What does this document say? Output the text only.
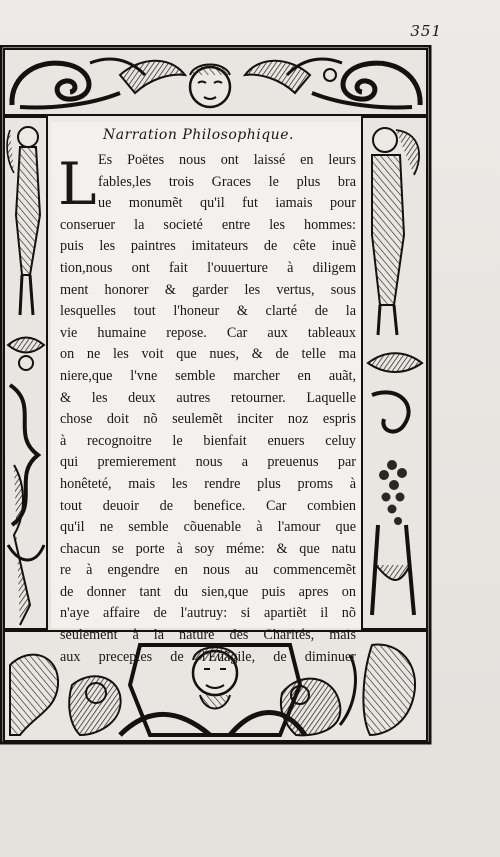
351
Narration Philosophique.
L Es Poëtes nous ont laissé en leurs
fables,les trois Graces le plus bra
ue monumẽt qu'il fut iamais pour
conseruer la societé entre les hommes:
puis les paintres imitateurs de cête inuẽ
tion,nous ont fait l'ouuerture à diligem
ment honorer & garder les vertus, sous
lesquelles tout l'honeur & clarté de la
vie humaine repose. Car aux tableaux
on ne les voit que nues, & de telle ma
niere,que l'vne semble marcher en auãt,
& les deux autres retourner. Laquelle
chose doit nõ seulemẽt inciter noz espris
à recognoitre le bienfait enuers celuy
qui premierement nous a preuenus par
honêteté, mais les rendre plus proms à
tout deuoir de benefice. Car combien
qu'il ne semble cõuenable à l'amour que
chacun se porte à soy méme: & que natu
re à engendre en nous au commencemẽt
de donner tant du sien,que puis apres on
n'aye affaire de l'autruy: si apartiẽt il nõ
seulement à la nature des Charités, mais
aux preceptes de l'Euãgile, de diminuer
